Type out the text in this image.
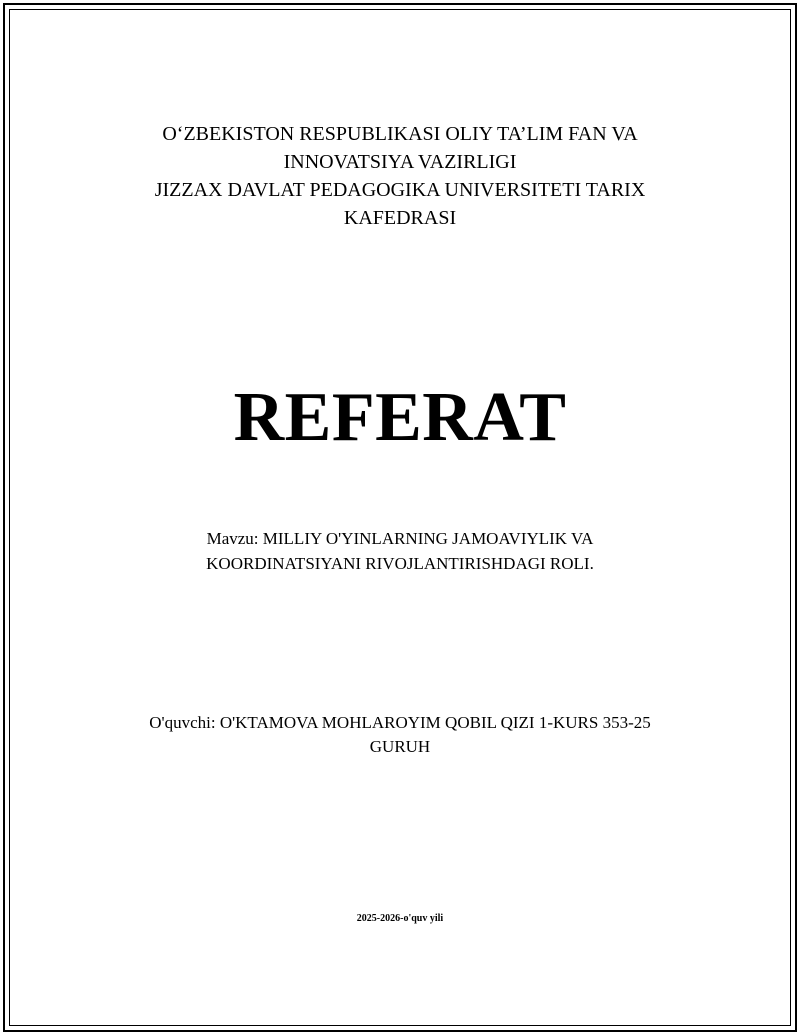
O‘ZBEKISTON RESPUBLIKASI OLIY TA’LIM FAN VA
INNOVATSIYA VAZIRLIGI
JIZZAX DAVLAT PEDAGOGIKA UNIVERSITETI TARIX
KAFEDRASI
REFERAT
Mavzu: MILLIY O'YINLARNING JAMOAVIYLIK VA
KOORDINATSIYANI RIVOJLANTIRISHDAGI ROLI.
O'quvchi: O'KTAMOVA MOHLAROYIM QOBIL QIZI 1-KURS 353-25
GURUH
2025-2026-o'quv yili
